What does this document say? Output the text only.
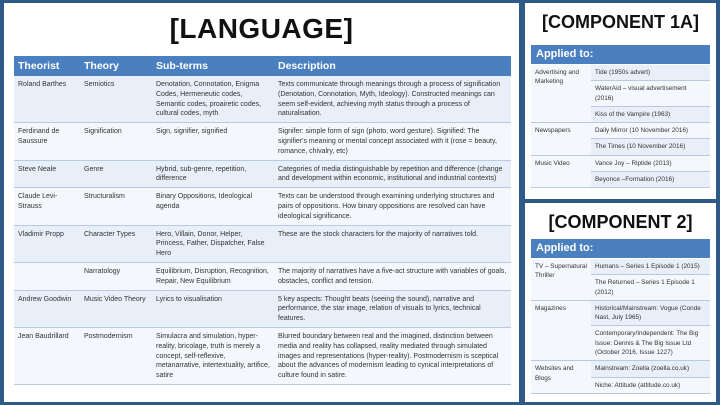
[LANGUAGE]
Theorist	Theory	Sub-terms	Description
Roland Barthes	Semiotics	Denotation, Connotation, Enigma Codes, Hermeneutic codes, Semantic codes, proairetic codes, cultural codes, myth	Texts communicate through meanings through a process of signification (Denotation, Connotation, Myth, Ideology). Constructed meanings can seem self-evident, achieving myth status through a process of naturalisation.
Ferdinand de Saussure	Signification	Sign, signifier, signified	Signifer: simple form of sign (photo, word gesture). Signified: The signifier's meaning or mental concept associated with it (rose = beauty, romance, chivalry, etc)
Steve Neale	Genre	Hybrid, sub-genre, repetition, difference	Categories of media distinguishable by repetition and difference (change and development within economic, institutional and industrial contexts)
Claude Levi-Strauss	Structuralism	Binary Oppositions, Ideological agenda	Texts can be understood through examining underlying structures and pairs of oppositions. How binary oppositions are resolved can have ideological significance.
Vladimir Propp	Character Types	Hero, Villain, Donor, Helper, Princess, Father, Dispatcher, False Hero	These are the stock characters for the majority of narratives told.
	Narratology	Equilibrium, Disruption, Recognition, Repair, New Equilibrium	The majority of narratives have a five-act structure with variables of goals, obstacles, conflict and tension.
Andrew Goodwin	Music Video Theory	Lyrics to visualisation	5 key aspects: Thought beats (seeing the sound), narrative and performance, the star image, relation of visuals to lyrics, technical features.
Jean Baudrillard	Postmodernism	Simulacra and simulation, hyper-reality, bricolage, truth is merely a concept, self-reflexive, metanarrative, intertextuality, artifice, satire	Blurred boundary between real and the imagined, distinction between media and reality has collapsed, reality mediated through simulated images and representations (hyper-reality). Postmodernism is sceptical about the advances of modernism leading to cynical interpretations of culture found in satire.
[COMPONENT 1A]
Applied to:
Advertising and Marketing	Tide (1950s advert)
	WaterAid – visual advertisement (2016)
	Kiss of the Vampire (1963)
Newspapers	Daily Mirror (10 November 2016)
	The Times (10 November 2016)
Music Video	Vance Joy – Riptide (2013)
	Beyonce –Formation (2016)
[COMPONENT 2]
Applied to:
TV – Supernatural Thriller	Humans – Series 1 Episode 1 (2015)
	The Returned – Series 1 Episode 1 (2012)
Magazines	Historical/Mainstream: Vogue (Conde Nast, July 1965)
	Contemporary/Independent: The Big Issue: Dennis & The Big Issue Ltd (October 2016, Issue 1227)
Websites and Blogs	Mainstream: Zoella (zoella.co.uk)
	Niche: Attitude (attitude.co.uk)
